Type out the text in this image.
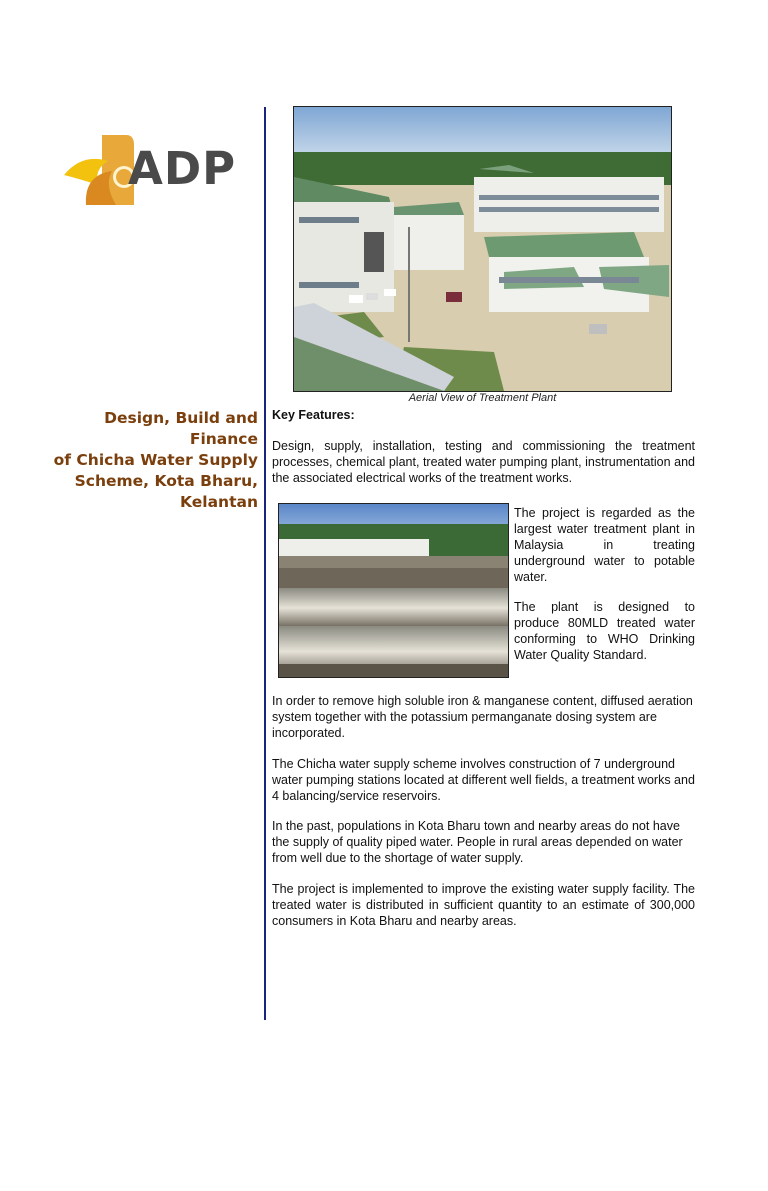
ADP
Design, Build and Finance
of Chicha Water Supply
Scheme, Kota Bharu,
Kelantan
Aerial View of Treatment Plant
Key Features:

Design, supply, installation, testing and commissioning the treatment processes, chemical plant, treated water pumping plant, instrumentation and the associated electrical works of the treatment works.

The project is regarded as the largest water treatment plant in Malaysia in treating underground water to potable water.

The plant is designed to produce 80MLD treated water conforming to WHO Drinking Water Quality Standard.

In order to remove high soluble iron & manganese content, diffused aeration system together with the potassium permanganate dosing system are incorporated.

The Chicha water supply scheme involves construction of 7 underground water pumping stations located at different well fields, a treatment works and 4 balancing/service reservoirs.

In the past, populations in Kota Bharu town and nearby areas do not have the supply of quality piped water. People in rural areas depended on water from well due to the shortage of water supply.

The project is implemented to improve the existing water supply facility. The treated water is distributed in sufficient quantity to an estimate of 300,000 consumers in Kota Bharu and nearby areas.
